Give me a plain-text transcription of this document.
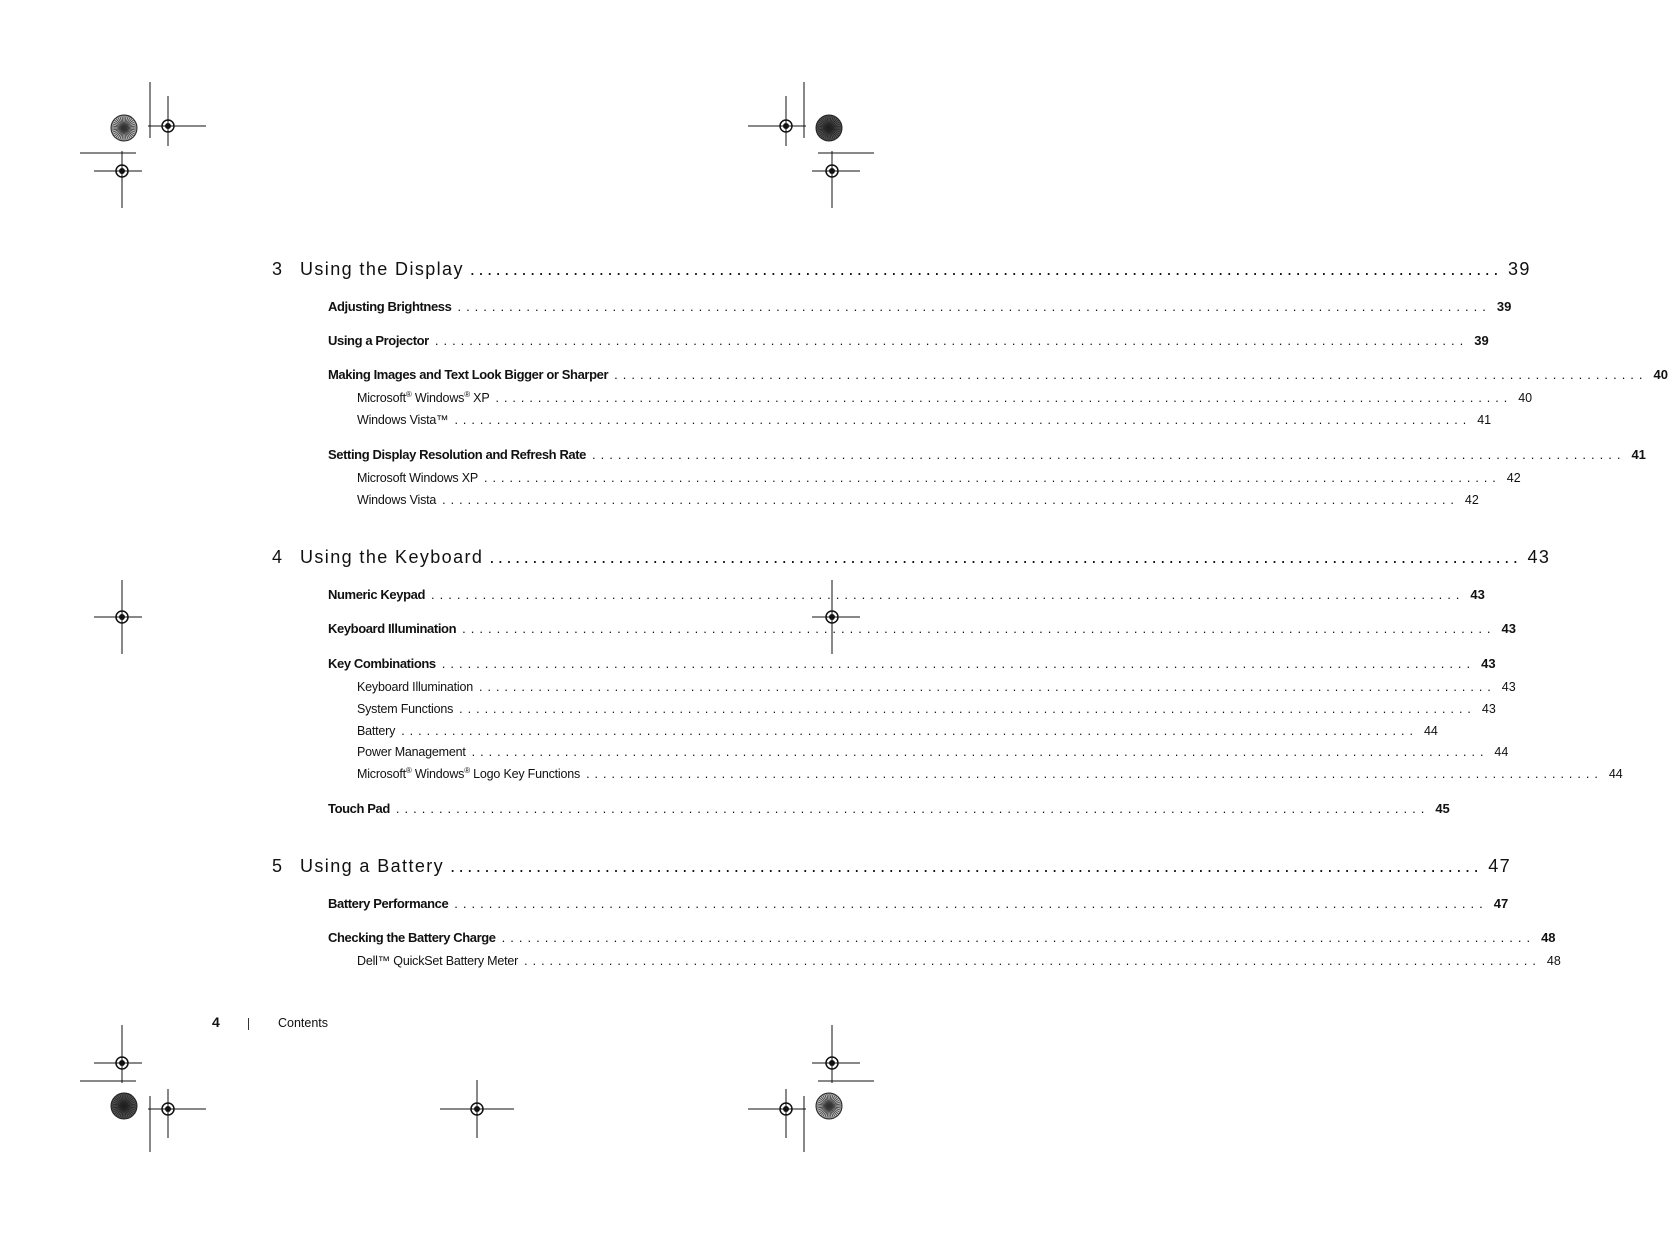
3 Using the Display ........................................................................................................................ 39
Adjusting Brightness ........................................................................................................................ 39
Using a Projector ........................................................................................................................ 39
Making Images and Text Look Bigger or Sharper ........................................................................................................................ 40
Microsoft® Windows® XP ........................................................................................................................ 40
Windows Vista™ ........................................................................................................................ 41
Setting Display Resolution and Refresh Rate ........................................................................................................................ 41
Microsoft Windows XP ........................................................................................................................ 42
Windows Vista ........................................................................................................................ 42
4 Using the Keyboard ........................................................................................................................ 43
Numeric Keypad ........................................................................................................................ 43
Keyboard Illumination ........................................................................................................................ 43
Key Combinations ........................................................................................................................ 43
Keyboard Illumination ........................................................................................................................ 43
System Functions ........................................................................................................................ 43
Battery ........................................................................................................................ 44
Power Management ........................................................................................................................ 44
Microsoft® Windows® Logo Key Functions ........................................................................................................................ 44
Touch Pad ........................................................................................................................ 45
5 Using a Battery ........................................................................................................................ 47
Battery Performance ........................................................................................................................ 47
Checking the Battery Charge ........................................................................................................................ 48
Dell™ QuickSet Battery Meter ........................................................................................................................ 48
4	Contents
